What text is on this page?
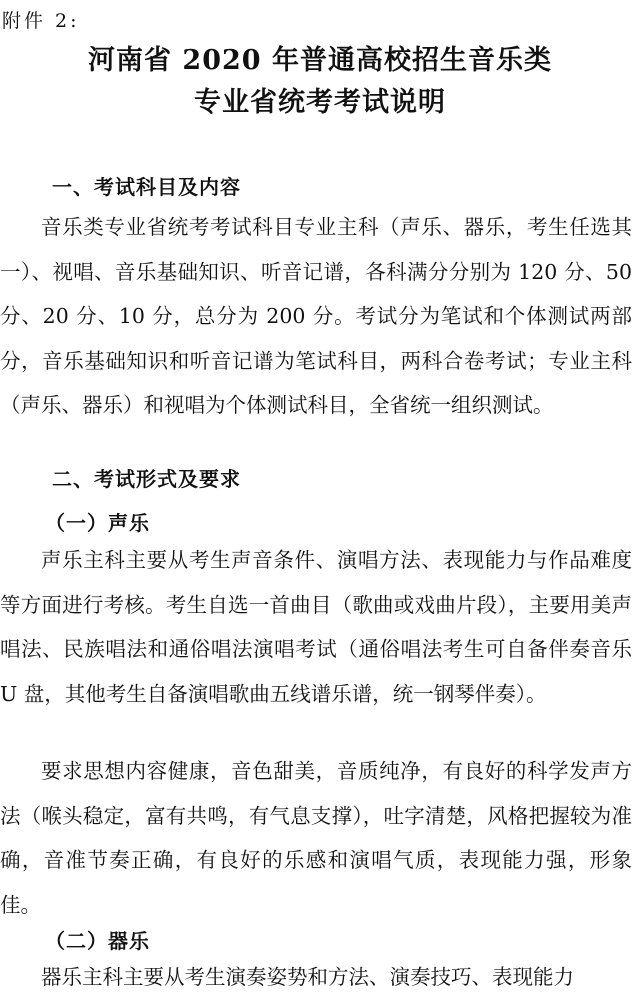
附件 2:
河南省 2020 年普通高校招生音乐类
专业省统考考试说明
一、考试科目及内容

音乐类专业省统考考试科目专业主科（声乐、器乐，考生任选其一）、视唱、音乐基础知识、听音记谱，各科满分分别为 120 分、50 分、20 分、10 分，总分为 200 分。考试分为笔试和个体测试两部分，音乐基础知识和听音记谱为笔试科目，两科合卷考试；专业主科（声乐、器乐）和视唱为个体测试科目，全省统一组织测试。

二、考试形式及要求
（一）声乐

声乐主科主要从考生声音条件、演唱方法、表现能力与作品难度等方面进行考核。考生自选一首曲目（歌曲或戏曲片段），主要用美声唱法、民族唱法和通俗唱法演唱考试（通俗唱法考生可自备伴奏音乐 U 盘，其他考生自备演唱歌曲五线谱乐谱，统一钢琴伴奏）。

要求思想内容健康，音色甜美，音质纯净，有良好的科学发声方法（喉头稳定，富有共鸣，有气息支撑），吐字清楚，风格把握较为准确，音准节奏正确，有良好的乐感和演唱气质，表现能力强，形象佳。

（二）器乐

器乐主科主要从考生演奏姿势和方法、演奏技巧、表现能力
